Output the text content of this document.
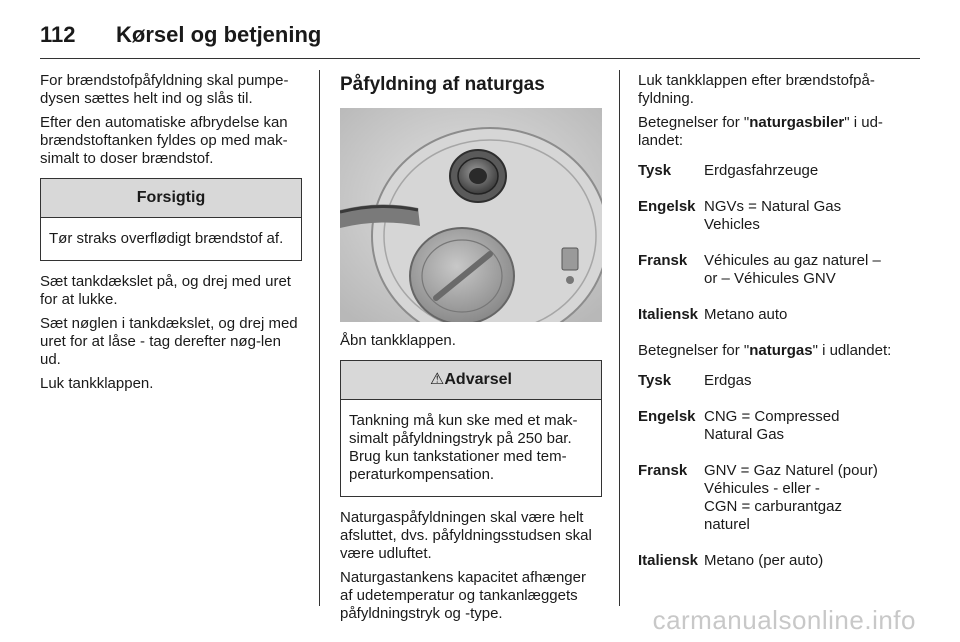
112	Kørsel og betjening

For brændstofpåfyldning skal pumpe-dysen sættes helt ind og slås til.

Efter den automatiske afbrydelse kan brændstoftanken fyldes op med mak-simalt to doser brændstof.

Forsigtig
Tør straks overflødigt brændstof af.

Sæt tankdækslet på, og drej med uret for at lukke.

Sæt nøglen i tankdækslet, og drej med uret for at låse - tag derefter nøg-len ud.

Luk tankklappen.

Påfyldning af naturgas

Åbn tankklappen.

⚠Advarsel
Tankning må kun ske med et mak-simalt påfyldningstryk på 250 bar. Brug kun tankstationer med tem-peraturkompensation.

Naturgaspåfyldningen skal være helt afsluttet, dvs. påfyldningsstudsen skal være udluftet.

Naturgastankens kapacitet afhænger af udetemperatur og tankanlæggets påfyldningstryk og -type.

Luk tankklappen efter brændstofpå-fyldning.

Betegnelser for "naturgasbiler" i ud-landet:

Tysk	Erdgasfahrzeuge
Engelsk NGVs = Natural Gas
Vehicles
Fransk	Véhicules au gaz naturel –
or – Véhicules GNV
Italiensk Metano auto

Betegnelser for "naturgas" i udlandet:

Tysk	Erdgas
Engelsk CNG = Compressed
Natural Gas
Fransk	GNV = Gaz Naturel (pour)
Véhicules - eller -
CGN = carburantgaz
naturel
Italiensk Metano (per auto)
carmanualsonline.info
